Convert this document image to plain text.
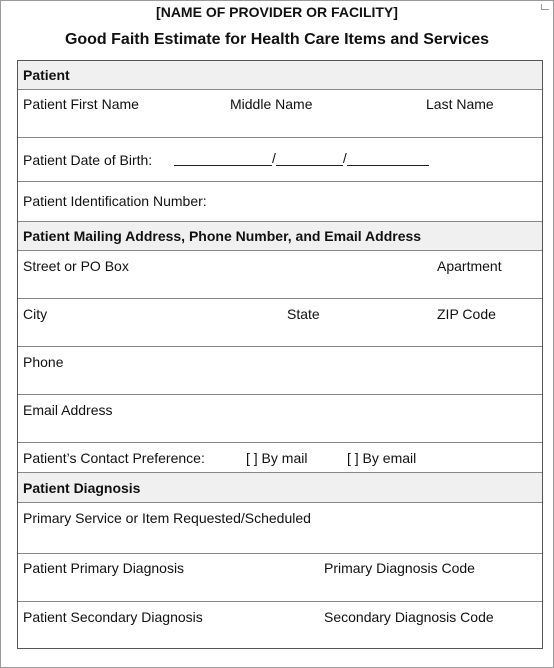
[NAME OF PROVIDER OR FACILITY]
Good Faith Estimate for Health Care Items and Services
Patient
Patient First Name	Middle Name	Last Name
Patient Date of Birth:	/	/
Patient Identification Number:
Patient Mailing Address, Phone Number, and Email Address
Street or PO Box	Apartment
City	State	ZIP Code
Phone
Email Address
Patient’s Contact Preference:	[ ] By mail	[ ] By email
Patient Diagnosis
Primary Service or Item Requested/Scheduled
Patient Primary Diagnosis	Primary Diagnosis Code
Patient Secondary Diagnosis	Secondary Diagnosis Code
